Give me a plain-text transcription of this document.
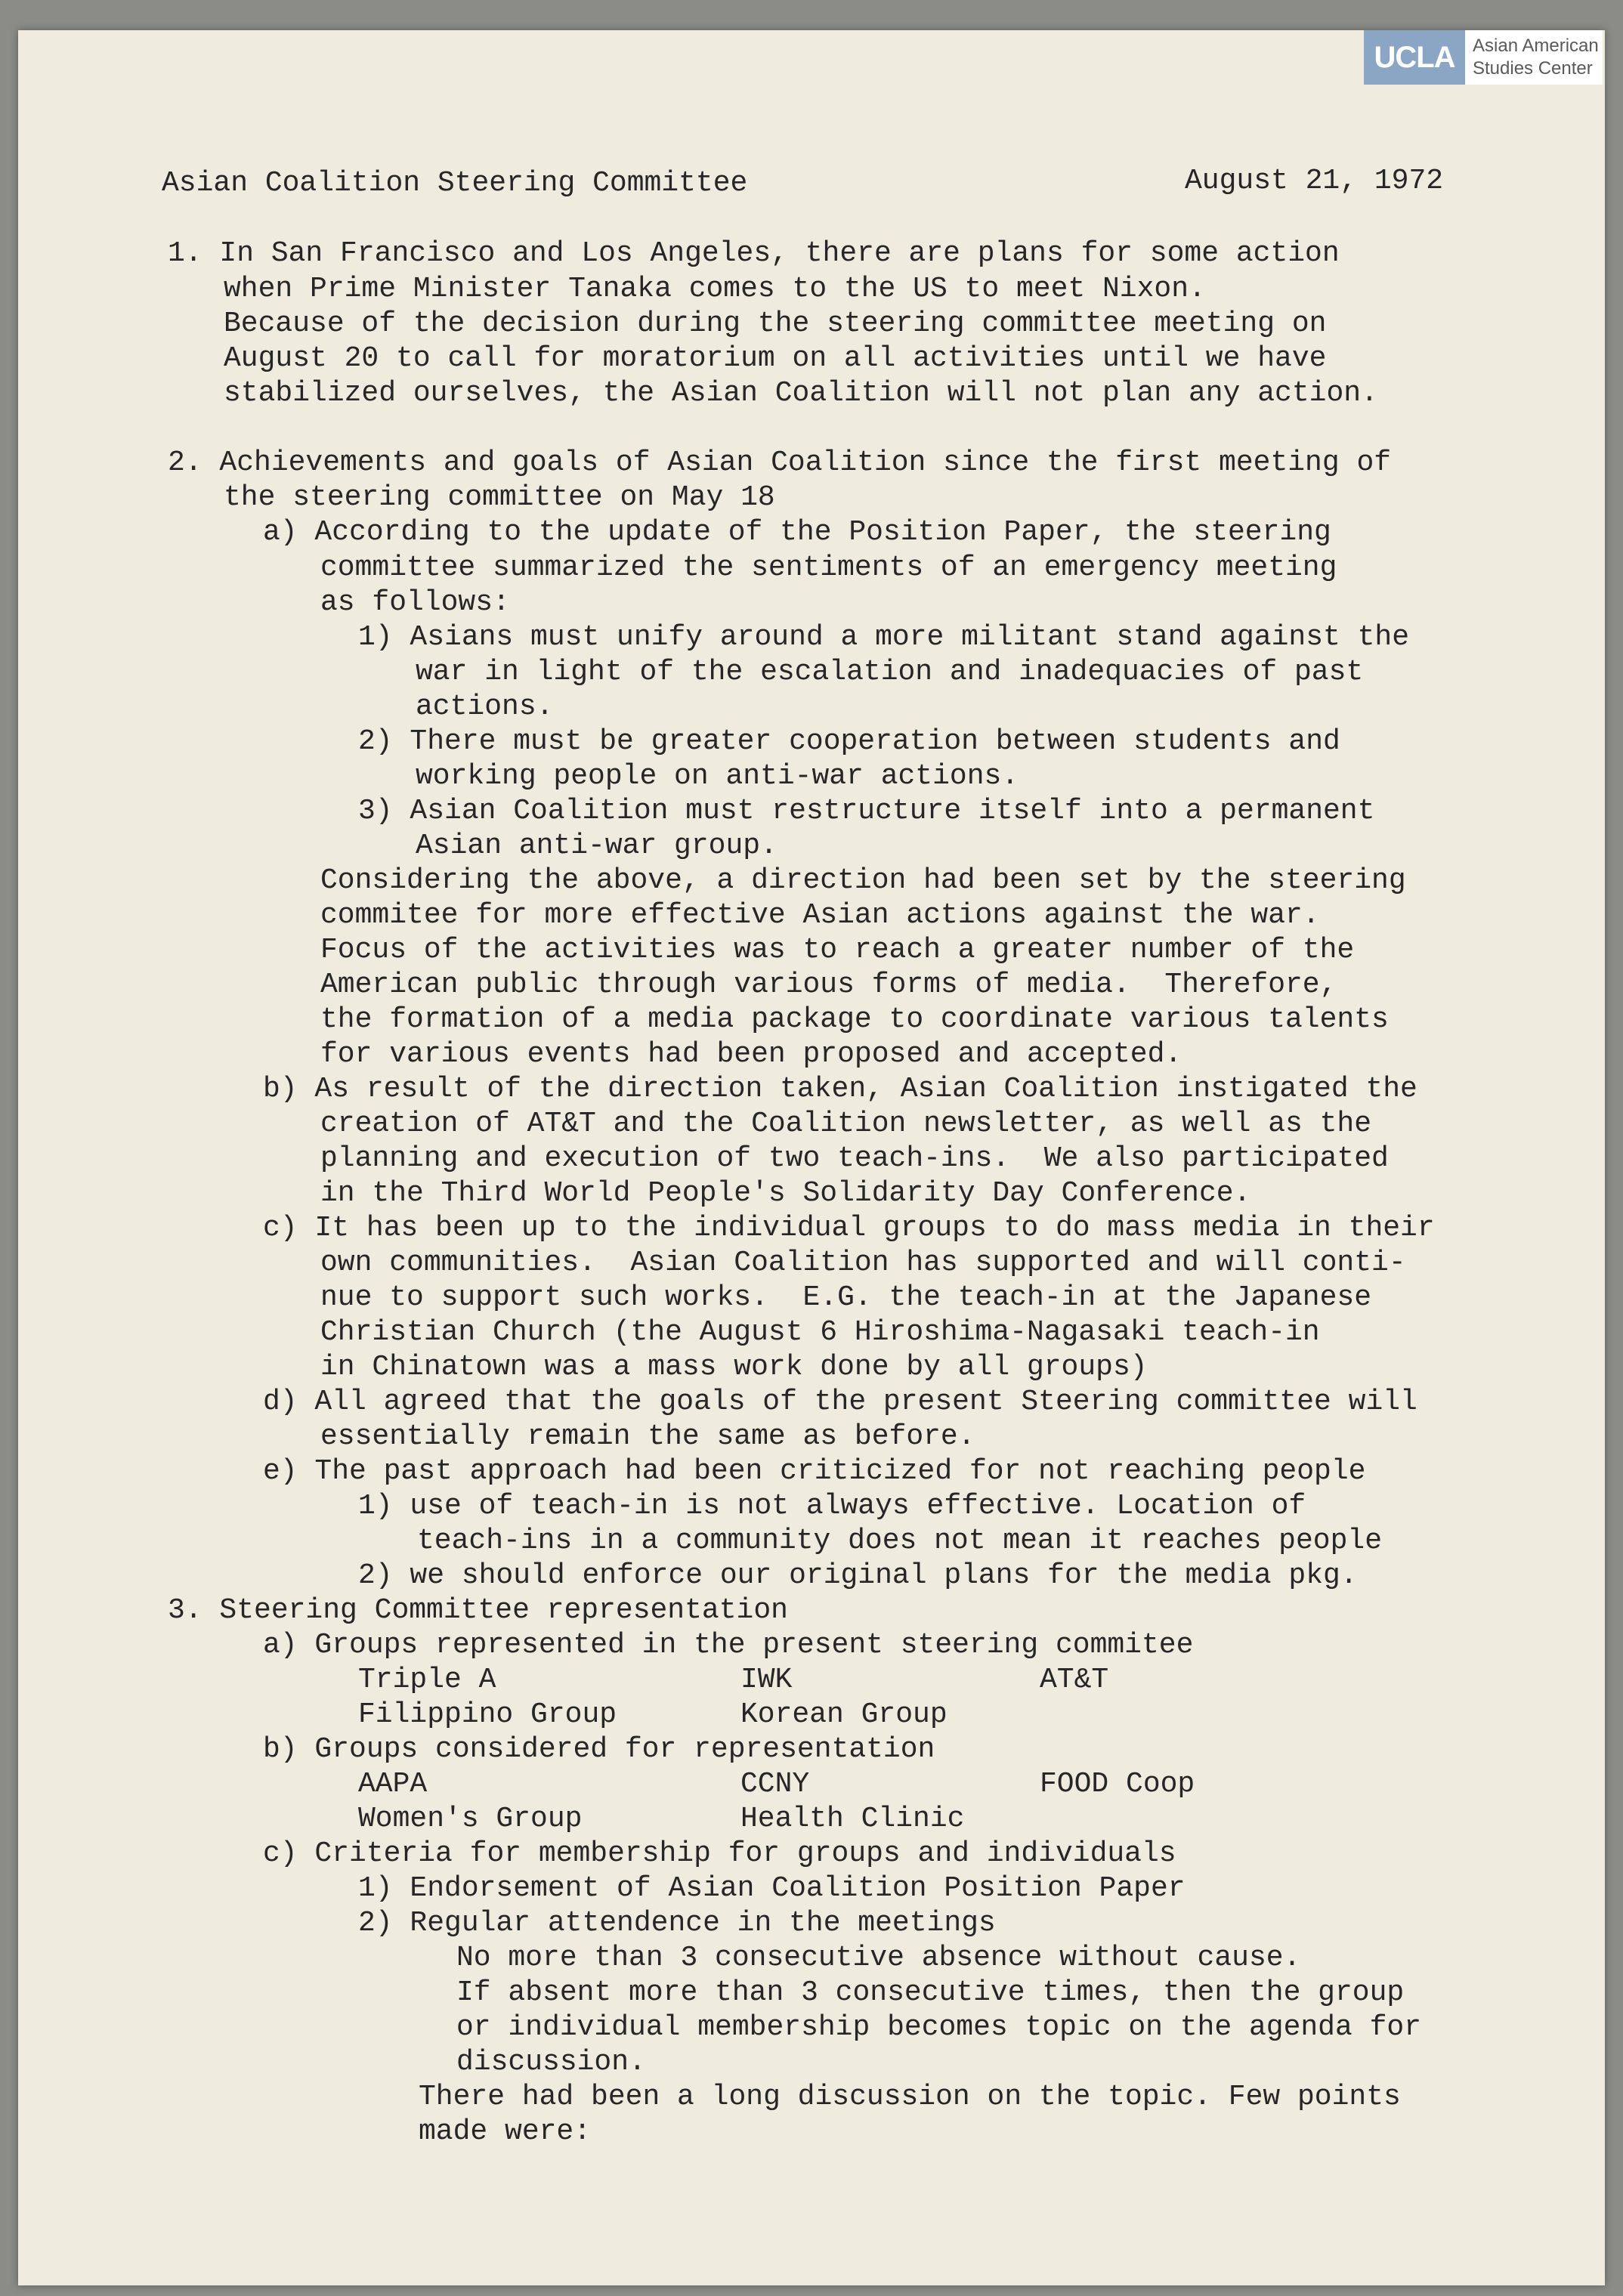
UCLA Asian American
Studies Center
Asian Coalition Steering Committee	August 21, 1972
1. In San Francisco and Los Angeles, there are plans for some action
when Prime Minister Tanaka comes to the US to meet Nixon.
Because of the decision during the steering committee meeting on
August 20 to call for moratorium on all activities until we have
stabilized ourselves, the Asian Coalition will not plan any action.
2. Achievements and goals of Asian Coalition since the first meeting of
the steering committee on May 18
a) According to the update of the Position Paper, the steering
committee summarized the sentiments of an emergency meeting
as follows:
1) Asians must unify around a more militant stand against the
war in light of the escalation and inadequacies of past
actions.
2) There must be greater cooperation between students and
working people on anti-war actions.
3) Asian Coalition must restructure itself into a permanent
Asian anti-war group.
Considering the above, a direction had been set by the steering
commitee for more effective Asian actions against the war.
Focus of the activities was to reach a greater number of the
American public through various forms of media.  Therefore,
the formation of a media package to coordinate various talents
for various events had been proposed and accepted.
b) As result of the direction taken, Asian Coalition instigated the
creation of AT&T and the Coalition newsletter, as well as the
planning and execution of two teach-ins.  We also participated
in the Third World People's Solidarity Day Conference.
c) It has been up to the individual groups to do mass media in their
own communities.  Asian Coalition has supported and will conti-
nue to support such works.  E.G. the teach-in at the Japanese
Christian Church (the August 6 Hiroshima-Nagasaki teach-in
in Chinatown was a mass work done by all groups)
d) All agreed that the goals of the present Steering committee will
essentially remain the same as before.
e) The past approach had been criticized for not reaching people
1) use of teach-in is not always effective. Location of
teach-ins in a community does not mean it reaches people
2) we should enforce our original plans for the media pkg.
3. Steering Committee representation
a) Groups represented in the present steering commitee
Triple A	IWK	AT&T
Filippino Group	Korean Group
b) Groups considered for representation
AAPA	CCNY	FOOD Coop
Women's Group	Health Clinic
c) Criteria for membership for groups and individuals
1) Endorsement of Asian Coalition Position Paper
2) Regular attendence in the meetings
No more than 3 consecutive absence without cause.
If absent more than 3 consecutive times, then the group
or individual membership becomes topic on the agenda for
discussion.
There had been a long discussion on the topic. Few points
made were:
